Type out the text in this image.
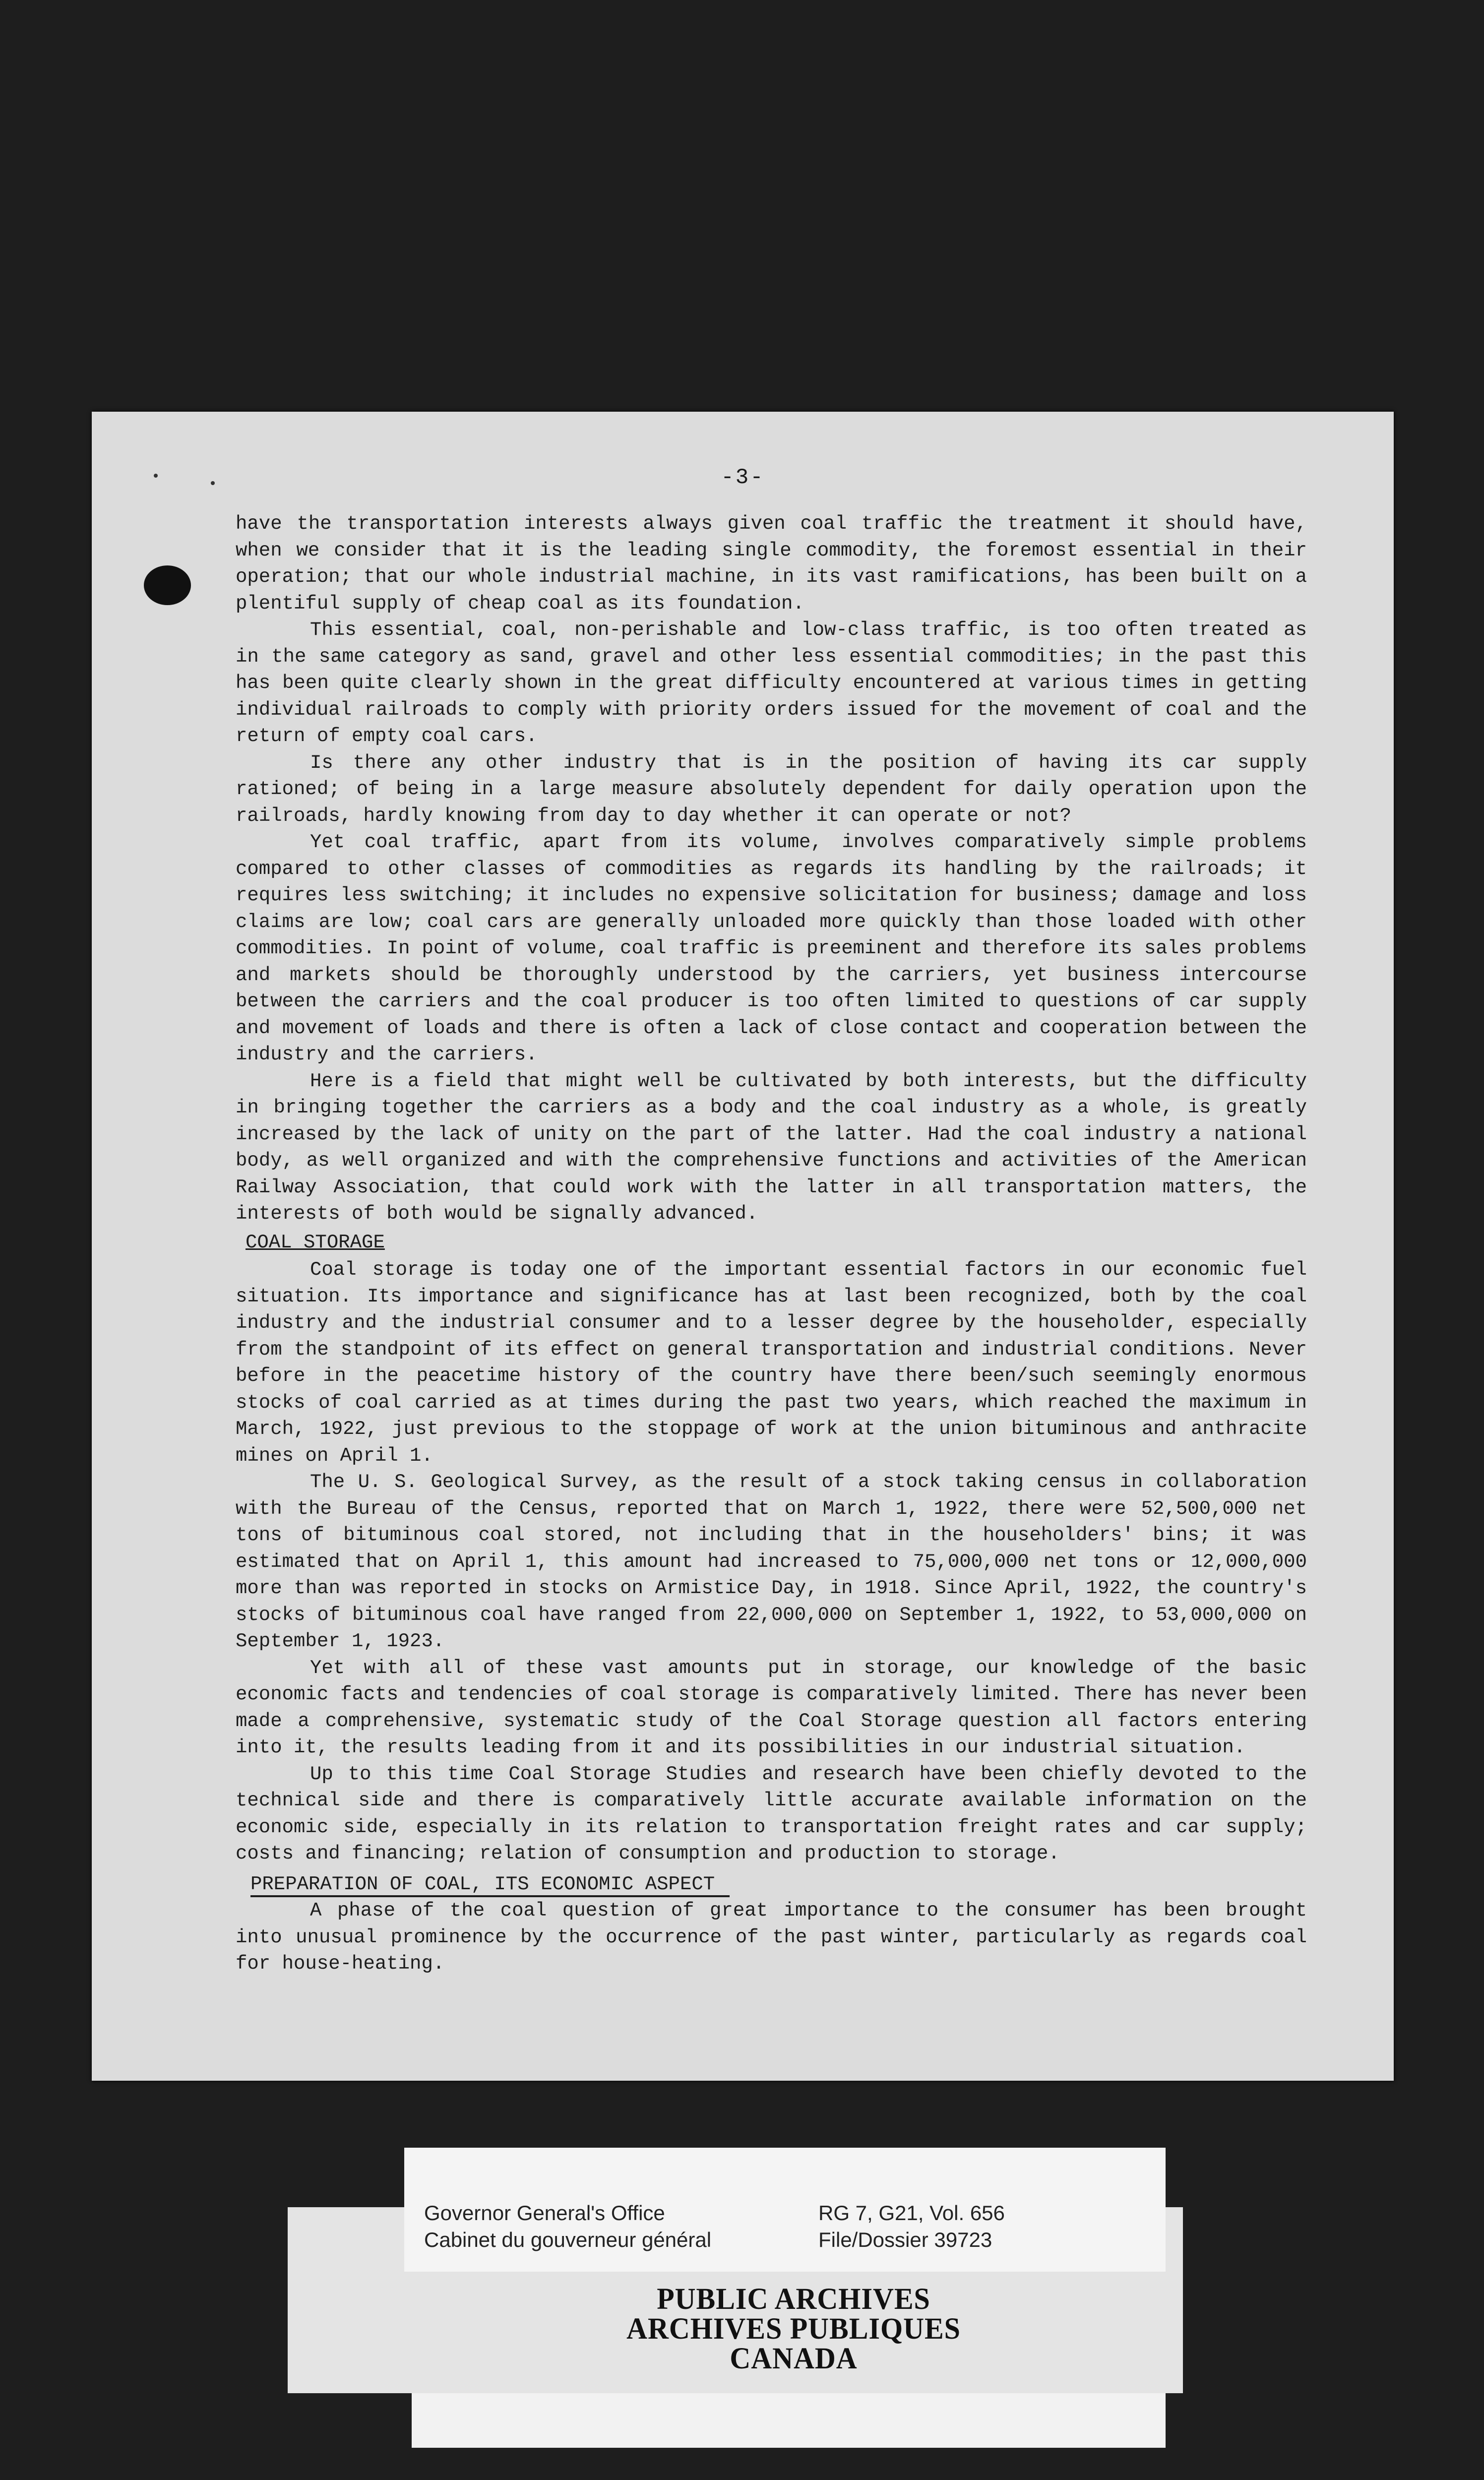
-3-

have the transportation interests always given coal traffic the treatment it should have, when we consider that it is the leading single commodity, the foremost essential in their operation; that our whole industrial machine, in its vast ramifications, has been built on a plentiful supply of cheap coal as its foundation.

This essential, coal, non-perishable and low-class traffic, is too often treated as in the same category as sand, gravel and other less essential commodities; in the past this has been quite clearly shown in the great difficulty encountered at various times in getting individual railroads to comply with priority orders issued for the movement of coal and the return of empty coal cars.

Is there any other industry that is in the position of having its car supply rationed; of being in a large measure absolutely dependent for daily operation upon the railroads, hardly knowing from day to day whether it can operate or not?

Yet coal traffic, apart from its volume, involves comparatively simple problems compared to other classes of commodities as regards its handling by the railroads; it requires less switching; it includes no expensive solicitation for business; damage and loss claims are low; coal cars are generally unloaded more quickly than those loaded with other commodities. In point of volume, coal traffic is preeminent and therefore its sales problems and markets should be thoroughly understood by the carriers, yet business intercourse between the carriers and the coal producer is too often limited to questions of car supply and movement of loads and there is often a lack of close contact and cooperation between the industry and the carriers.

Here is a field that might well be cultivated by both interests, but the difficulty in bringing together the carriers as a body and the coal industry as a whole, is greatly increased by the lack of unity on the part of the latter. Had the coal industry a national body, as well organized and with the comprehensive functions and activities of the American Railway Association, that could work with the latter in all transportation matters, the interests of both would be signally advanced.

COAL STORAGE

Coal storage is today one of the important essential factors in our economic fuel situation. Its importance and significance has at last been recognized, both by the coal industry and the industrial consumer and to a lesser degree by the householder, especially from the standpoint of its effect on general transportation and industrial conditions. Never before in the peacetime history of the country have there been/such seemingly enormous stocks of coal carried as at times during the past two years, which reached the maximum in March, 1922, just previous to the stoppage of work at the union bituminous and anthracite mines on April 1.

The U. S. Geological Survey, as the result of a stock taking census in collaboration with the Bureau of the Census, reported that on March 1, 1922, there were 52,500,000 net tons of bituminous coal stored, not including that in the householders' bins; it was estimated that on April 1, this amount had increased to 75,000,000 net tons or 12,000,000 more than was reported in stocks on Armistice Day, in 1918. Since April, 1922, the country's stocks of bituminous coal have ranged from 22,000,000 on September 1, 1922, to 53,000,000 on September 1, 1923.

Yet with all of these vast amounts put in storage, our knowledge of the basic economic facts and tendencies of coal storage is comparatively limited. There has never been made a comprehensive, systematic study of the Coal Storage question all factors entering into it, the results leading from it and its possibilities in our industrial situation.

Up to this time Coal Storage Studies and research have been chiefly devoted to the technical side and there is comparatively little accurate available information on the economic side, especially in its relation to transportation freight rates and car supply; costs and financing; relation of consumption and production to storage.

PREPARATION OF COAL, ITS ECONOMIC ASPECT

A phase of the coal question of great importance to the consumer has been brought into unusual prominence by the occurrence of the past winter, particularly as regards coal for house-heating.

Governor General's Office
Cabinet du gouverneur général
RG 7, G21, Vol. 656
File/Dossier 39723
PUBLIC ARCHIVES
ARCHIVES PUBLIQUES
CANADA
